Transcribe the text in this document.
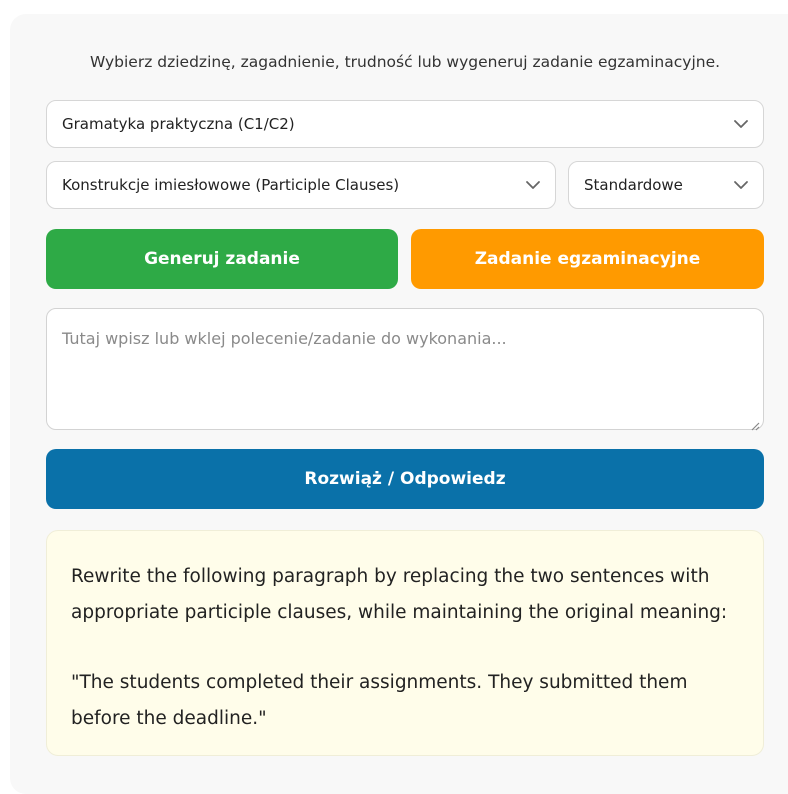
Wybierz dziedzinę, zagadnienie, trudność lub wygeneruj zadanie egzaminacyjne.
Gramatyka praktyczna (C1/C2)
Konstrukcje imiesłowowe (Participle Clauses)	Standardowe
Generuj zadanie	Zadanie egzaminacyjne
Tutaj wpisz lub wklej polecenie/zadanie do wykonania...
Rozwiąż / Odpowiedz

Rewrite the following paragraph by replacing the two sentences with appropriate participle clauses, while maintaining the original meaning:

"The students completed their assignments. They submitted them before the deadline."
